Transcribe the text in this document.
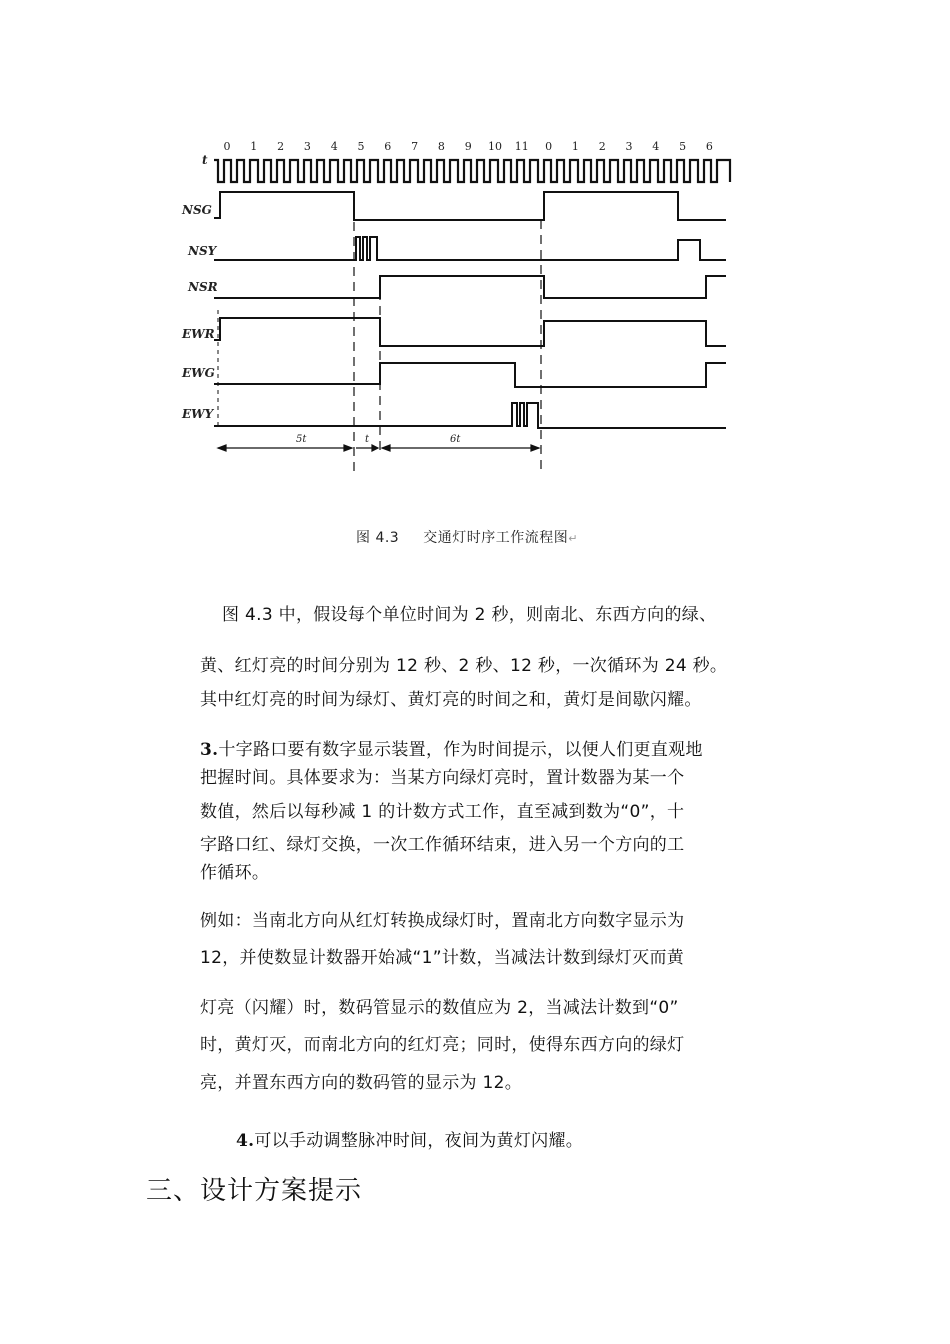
0 1 2 3 4 5 6 7 8 9 10 11 0 1 2 3 4 5 6
t
NSG
NSY
NSR
EWR
EWG
EWY
5t	t	6t
图 4.3 交通灯时序工作流程图↵
图 4.3 中，假设每个单位时间为 2 秒，则南北、东西方向的绿、
黄、红灯亮的时间分别为 12 秒、2 秒、12 秒，一次循环为 24 秒。
其中红灯亮的时间为绿灯、黄灯亮的时间之和，黄灯是间歇闪耀。
3.十字路口要有数字显示装置，作为时间提示，以便人们更直观地
把握时间。具体要求为：当某方向绿灯亮时，置计数器为某一个
数值，然后以每秒减 1 的计数方式工作，直至减到数为“0”，十
字路口红、绿灯交换，一次工作循环结束，进入另一个方向的工
作循环。
例如：当南北方向从红灯转换成绿灯时，置南北方向数字显示为
12，并使数显计数器开始减“1”计数，当减法计数到绿灯灭而黄
灯亮（闪耀）时，数码管显示的数值应为 2，当减法计数到“0”
时，黄灯灭，而南北方向的红灯亮；同时，使得东西方向的绿灯
亮，并置东西方向的数码管的显示为 12。
4.可以手动调整脉冲时间，夜间为黄灯闪耀。
三、设计方案提示
